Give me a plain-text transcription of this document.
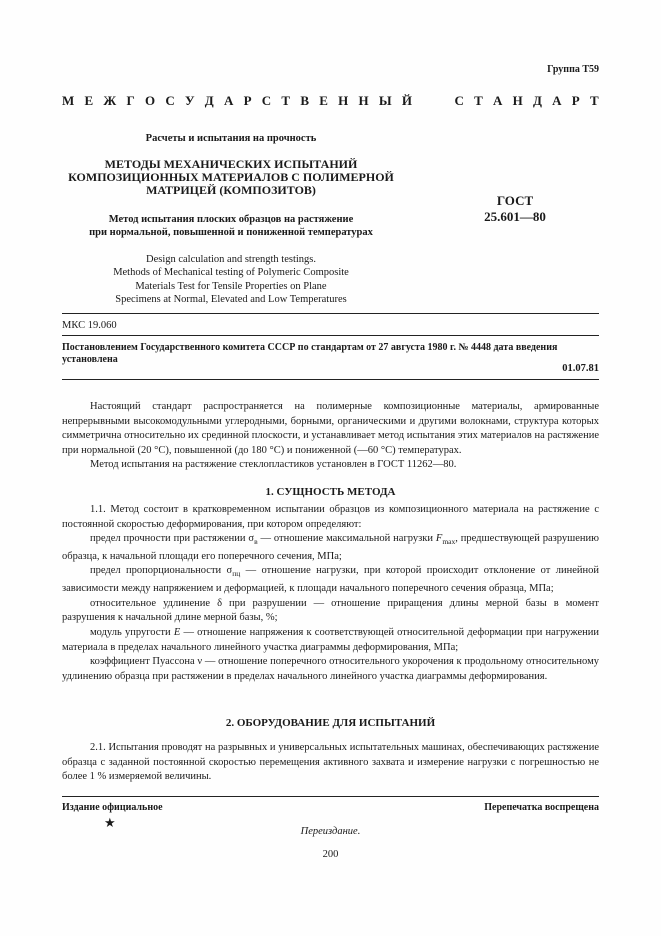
Группа Т59
М Е Ж Г О С У Д А Р С Т В Е Н Н Ы Й	С Т А Н Д А Р Т
Расчеты и испытания на прочность
МЕТОДЫ МЕХАНИЧЕСКИХ ИСПЫТАНИЙ
КОМПОЗИЦИОННЫХ МАТЕРИАЛОВ С ПОЛИМЕРНОЙ
МАТРИЦЕЙ (КОМПОЗИТОВ)
Метод испытания плоских образцов на растяжение
при нормальной, повышенной и пониженной температурах
ГОСТ
25.601—80
Design calculation and strength testings.
Methods of Mechanical testing of Polymeric Composite
Materials Test for Tensile Properties on Plane
Specimens at Normal, Elevated and Low Temperatures
МКС 19.060
Постановлением Государственного комитета СССР по стандартам от 27 августа 1980 г. № 4448 дата введения установлена
01.07.81

Настоящий стандарт распространяется на полимерные композиционные материалы, армированные непрерывными высокомодульными углеродными, борными, органическими и другими волокнами, структура которых симметрична относительно их срединной плоскости, и устанавливает метод испытания этих материалов на растяжение при нормальной (20 °С), повышенной (до 180 °С) и пониженной (—60 °С) температурах.

Метод испытания на растяжение стеклопластиков установлен в ГОСТ 11262—80.

1. СУЩНОСТЬ МЕТОДА

1.1. Метод состоит в кратковременном испытании образцов из композиционного материала на растяжение с постоянной скоростью деформирования, при котором определяют:

предел прочности при растяжении $\sigma_в$ — отношение максимальной нагрузки $F_{max}$, предшествующей разрушению образца, к начальной площади его поперечного сечения, МПа;

предел пропорциональности $\sigma_{пц}$ — отношение нагрузки, при которой происходит отклонение от линейной зависимости между напряжением и деформацией, к площади начального поперечного сечения образца, МПа;

относительное удлинение δ при разрушении — отношение приращения длины мерной базы в момент разрушения к начальной длине мерной базы, %;

модуль упругости E — отношение напряжения к соответствующей относительной деформации при нагружении материала в пределах начального линейного участка диаграммы деформирования, МПа;

коэффициент Пуассона ν — отношение поперечного относительного укорочения к продольному относительному удлинению образца при растяжении в пределах начального линейного участка диаграммы деформирования.

2. ОБОРУДОВАНИЕ ДЛЯ ИСПЫТАНИЙ

2.1. Испытания проводят на разрывных и универсальных испытательных машинах, обеспечивающих растяжение образца с заданной постоянной скоростью перемещения активного захвата и измерение нагрузки с погрешностью не более 1 % измеряемой величины.

Издание официальное	Перепечатка воспрещена
★
Переиздание.
200
